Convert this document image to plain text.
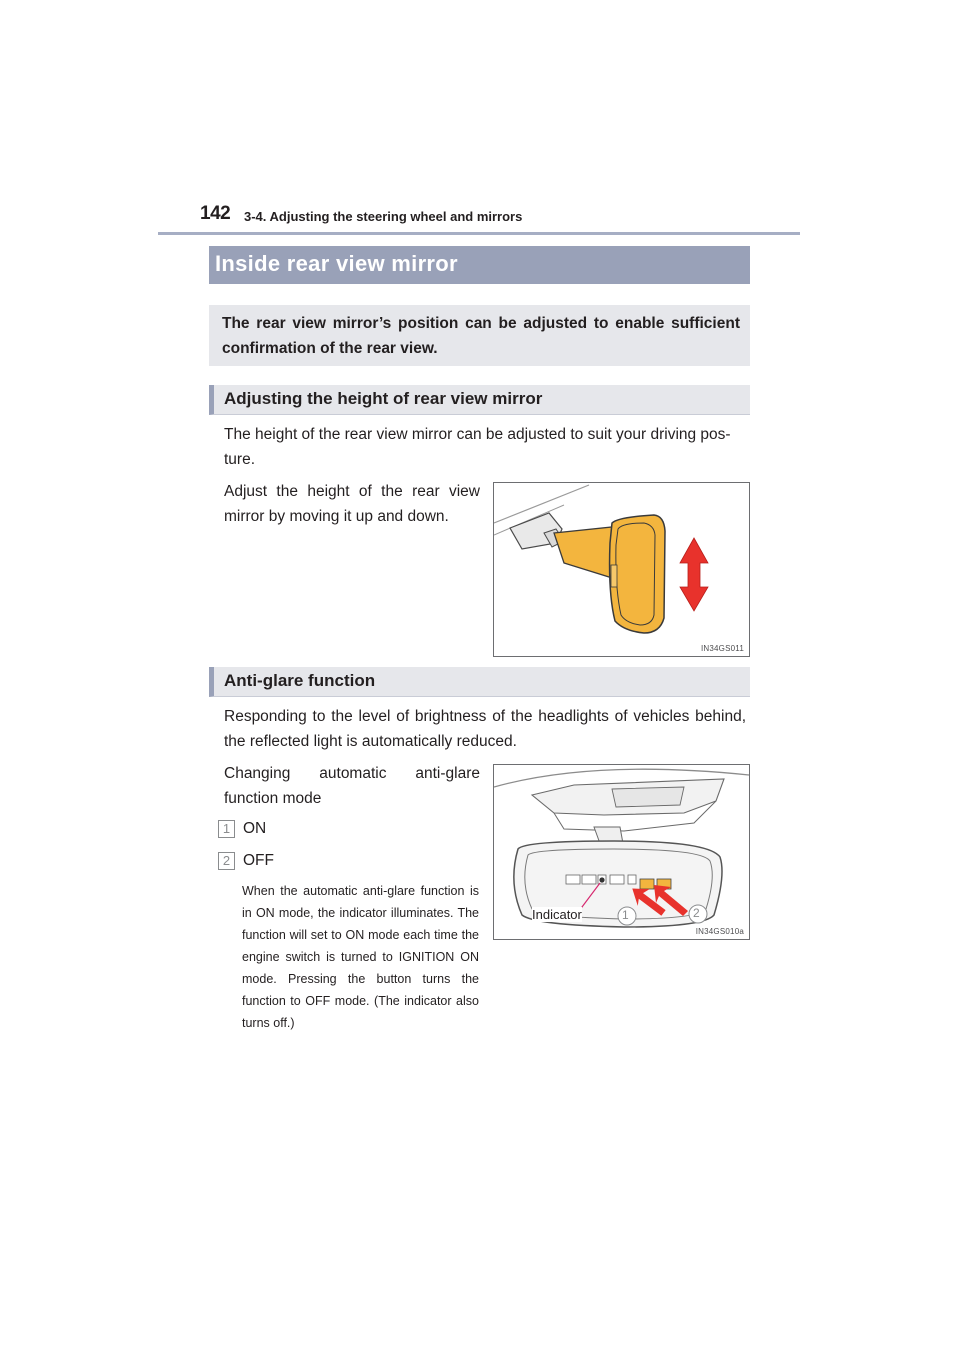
142 3-4. Adjusting the steering wheel and mirrors
Inside rear view mirror
The rear view mirror’s position can be adjusted to enable sufficient confirmation of the rear view.
Adjusting the height of rear view mirror
The height of the rear view mirror can be adjusted to suit your driving pos-
ture.
Adjust the height of the rear view mirror by moving it up and down.
IN34GS011
Anti-glare function
Responding to the level of brightness of the headlights of vehicles behind, the reflected light is automatically reduced.
Changing automatic anti-glare function mode
1 ON
2 OFF
When the automatic anti-glare function is in ON mode, the indicator illuminates. The function will set to ON mode each time the engine switch is turned to IGNITION ON mode. Pressing the button turns the function to OFF mode. (The indicator also turns off.)
Indicator	1	2
IN34GS010a
